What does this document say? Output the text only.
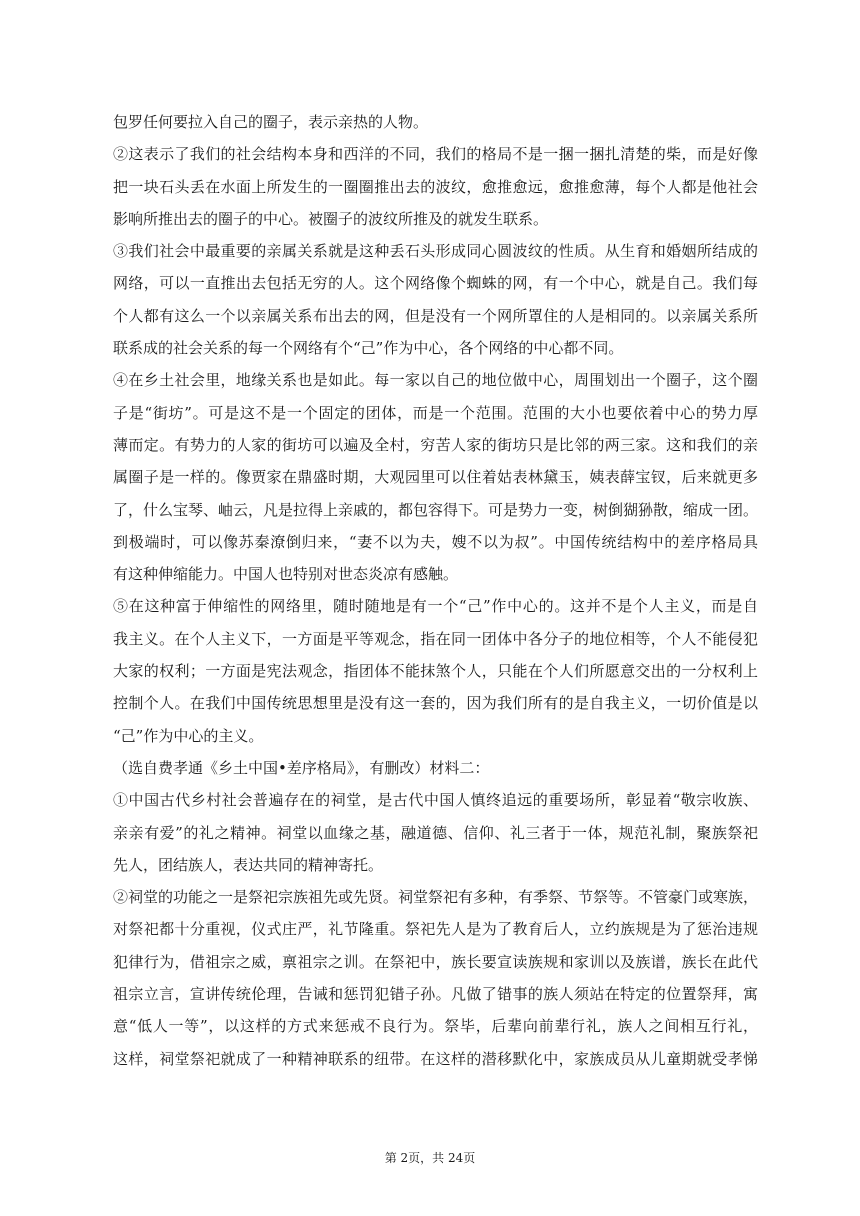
包罗任何要拉入自己的圈子，表示亲热的人物。
②这表示了我们的社会结构本身和西洋的不同，我们的格局不是一捆一捆扎清楚的柴，而是好像
把一块石头丢在水面上所发生的一圈圈推出去的波纹，愈推愈远，愈推愈薄，每个人都是他社会
影响所推出去的圈子的中心。被圈子的波纹所推及的就发生联系。
③我们社会中最重要的亲属关系就是这种丢石头形成同心圆波纹的性质。从生育和婚姻所结成的
网络，可以一直推出去包括无穷的人。这个网络像个蜘蛛的网，有一个中心，就是自己。我们每
个人都有这么一个以亲属关系布出去的网，但是没有一个网所罩住的人是相同的。以亲属关系所
联系成的社会关系的每一个网络有个“己”作为中心，各个网络的中心都不同。
④在乡土社会里，地缘关系也是如此。每一家以自己的地位做中心，周围划出一个圈子，这个圈
子是“街坊”。可是这不是一个固定的团体，而是一个范围。范围的大小也要依着中心的势力厚
薄而定。有势力的人家的街坊可以遍及全村，穷苦人家的街坊只是比邻的两三家。这和我们的亲
属圈子是一样的。像贾家在鼎盛时期，大观园里可以住着姑表林黛玉，姨表薛宝钗，后来就更多
了，什么宝琴、岫云，凡是拉得上亲戚的，都包容得下。可是势力一变，树倒猢狲散，缩成一团。
到极端时，可以像苏秦潦倒归来，“妻不以为夫，嫂不以为叔”。中国传统结构中的差序格局具
有这种伸缩能力。中国人也特别对世态炎凉有感触。
⑤在这种富于伸缩性的网络里，随时随地是有一个“己”作中心的。这并不是个人主义，而是自
我主义。在个人主义下，一方面是平等观念，指在同一团体中各分子的地位相等，个人不能侵犯
大家的权利；一方面是宪法观念，指团体不能抹煞个人，只能在个人们所愿意交出的一分权利上
控制个人。在我们中国传统思想里是没有这一套的，因为我们所有的是自我主义，一切价值是以
“己”作为中心的主义。
（选自费孝通《乡土中国•差序格局》，有删改）材料二：
①中国古代乡村社会普遍存在的祠堂，是古代中国人慎终追远的重要场所，彰显着“敬宗收族、
亲亲有爱”的礼之精神。祠堂以血缘之基，融道德、信仰、礼三者于一体，规范礼制，聚族祭祀
先人，团结族人，表达共同的精神寄托。
②祠堂的功能之一是祭祀宗族祖先或先贤。祠堂祭祀有多种，有季祭、节祭等。不管豪门或寒族，
对祭祀都十分重视，仪式庄严，礼节隆重。祭祀先人是为了教育后人，立约族规是为了惩治违规
犯律行为，借祖宗之威，禀祖宗之训。在祭祀中，族长要宣读族规和家训以及族谱，族长在此代
祖宗立言，宣讲传统伦理，告诫和惩罚犯错子孙。凡做了错事的族人须站在特定的位置祭拜，寓
意“低人一等”，以这样的方式来惩戒不良行为。祭毕，后辈向前辈行礼，族人之间相互行礼，
这样，祠堂祭祀就成了一种精神联系的纽带。在这样的潜移默化中，家族成员从儿童期就受孝悌
第 2页，共 24页
